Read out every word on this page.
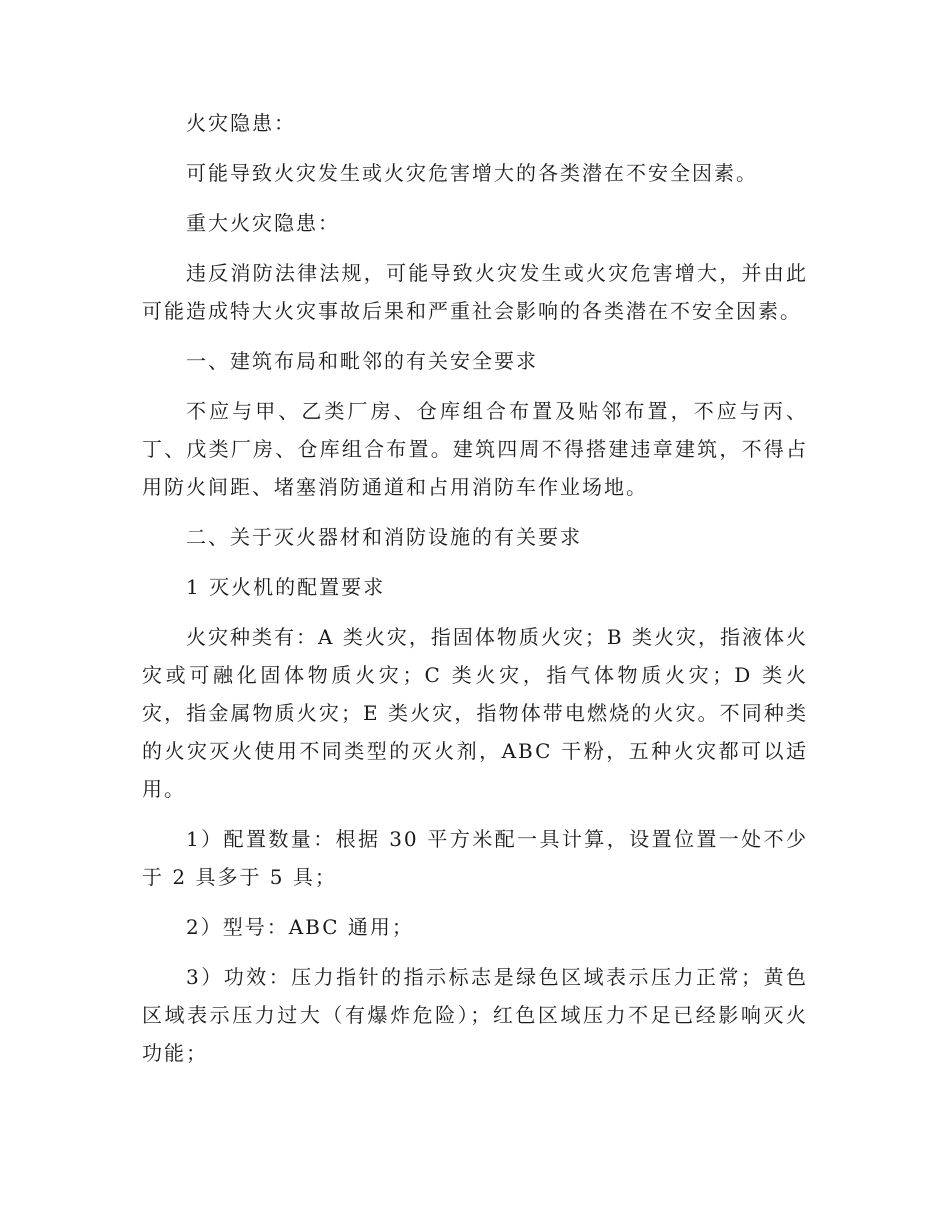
火灾隐患：

可能导致火灾发生或火灾危害增大的各类潜在不安全因素。

重大火灾隐患：

违反消防法律法规，可能导致火灾发生或火灾危害增大，并由此可能造成特大火灾事故后果和严重社会影响的各类潜在不安全因素。

一、建筑布局和毗邻的有关安全要求

不应与甲、乙类厂房、仓库组合布置及贴邻布置，不应与丙、丁、戊类厂房、仓库组合布置。建筑四周不得搭建违章建筑，不得占用防火间距、堵塞消防通道和占用消防车作业场地。

二、关于灭火器材和消防设施的有关要求

1 灭火机的配置要求

火灾种类有：A 类火灾，指固体物质火灾；B 类火灾，指液体火灾或可融化固体物质火灾；C 类火灾，指气体物质火灾；D 类火灾，指金属物质火灾；E 类火灾，指物体带电燃烧的火灾。不同种类的火灾灭火使用不同类型的灭火剂，ABC 干粉，五种火灾都可以适用。

1）配置数量：根据 30 平方米配一具计算，设置位置一处不少于 2 具多于 5 具；

2）型号：ABC 通用；

3）功效：压力指针的指示标志是绿色区域表示压力正常；黄色区域表示压力过大（有爆炸危险）；红色区域压力不足已经影响灭火功能；
